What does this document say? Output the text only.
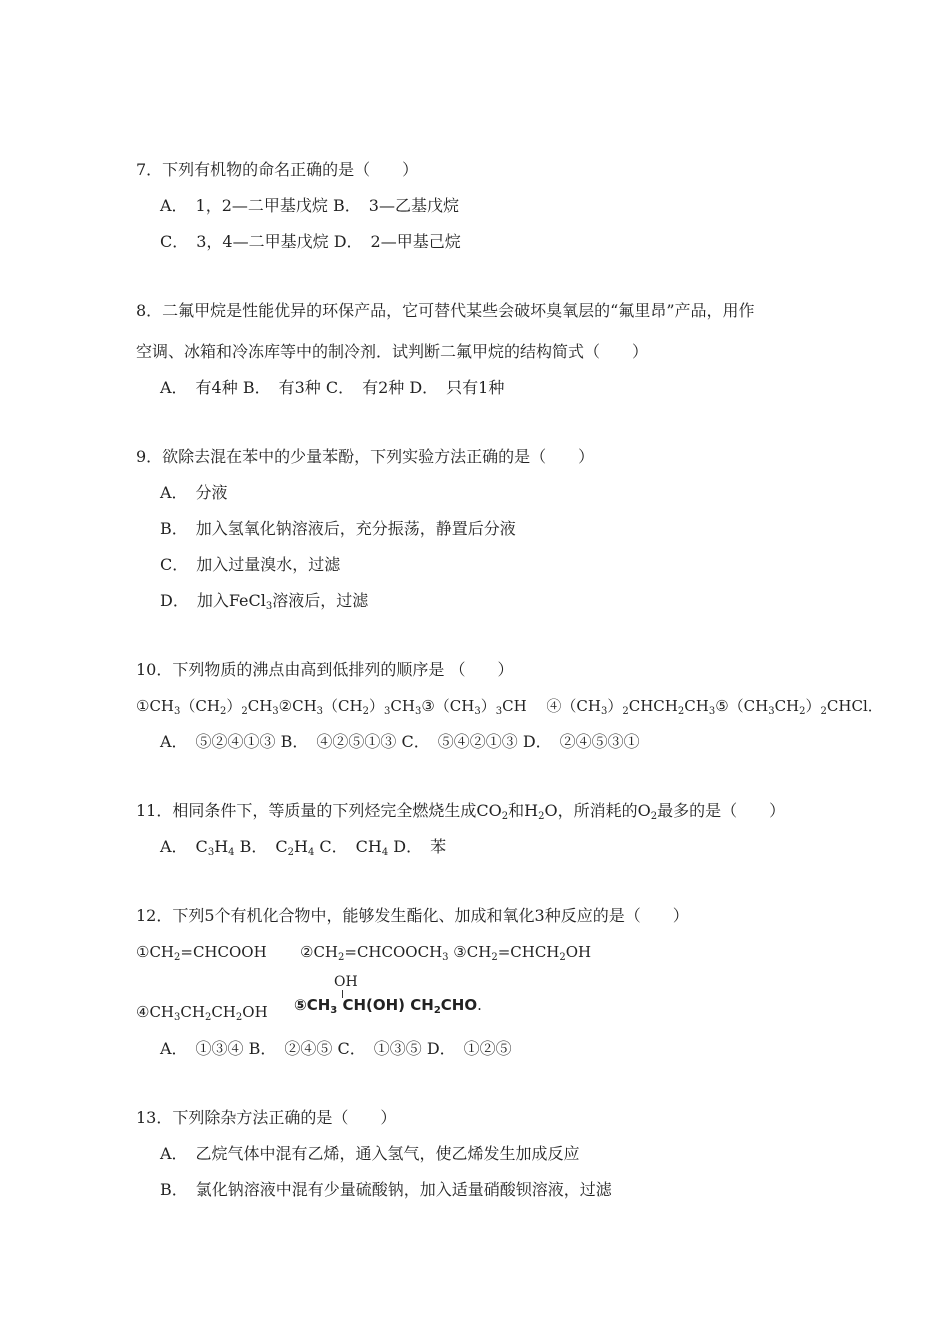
7．下列有机物的命名正确的是（　　）
A．　1，2—二甲基戊烷 B．　3—乙基戊烷
C．　3，4—二甲基戊烷 D．　2—甲基己烷
8．二氟甲烷是性能优异的环保产品，它可替代某些会破坏臭氧层的“氟里昂”产品，用作
空调、冰箱和冷冻库等中的制冷剂．试判断二氟甲烷的结构简式（　　）
A．　有4种 B．　有3种 C．　有2种 D．　只有1种
9．欲除去混在苯中的少量苯酚，下列实验方法正确的是（　　）
A．　分液
B．　加入氢氧化钠溶液后，充分振荡，静置后分液
C．　加入过量溴水，过滤
D．　加入FeCl$_3$溶液后，过滤
10．下列物质的沸点由高到低排列的顺序是 （　　）
$①CH_3(CH_2)_2CH_3②CH_3(CH_2)_3CH_3③(CH_3)_3CH$　 $④(CH_3)_2CHCH_2CH_3⑤(CH_3CH_2)_2CHCl$．
A．　⑤②④①③ B．　④②⑤①③ C．　⑤④②①③ D．　②④⑤③①
11．相同条件下，等质量的下列烃完全燃烧生成$CO_2$和$H_2O$，所消耗的$O_2$最多的是（　　）
A．　$C_3H_4$ B．　$C_2H_4$ C．　$CH_4$ D．　苯
12．下列5个有机化合物中，能够发生酯化、加成和氧化3种反应的是（　　）
$①CH_2=CHCOOH$ $②CH_2=CHCOOCH_3$ $③CH_2=CHCH_2OH$
OH
$④CH_3CH_2CH_2OH$ $⑤CH_3$ CH(OH) $CH_2CHO$.
A．　①③④ B．　②④⑤ C．　①③⑤ D．　①②⑤
13．下列除杂方法正确的是（　　）
A．　乙烷气体中混有乙烯，通入氢气，使乙烯发生加成反应
B．　氯化钠溶液中混有少量硫酸钠，加入适量硝酸钡溶液，过滤
